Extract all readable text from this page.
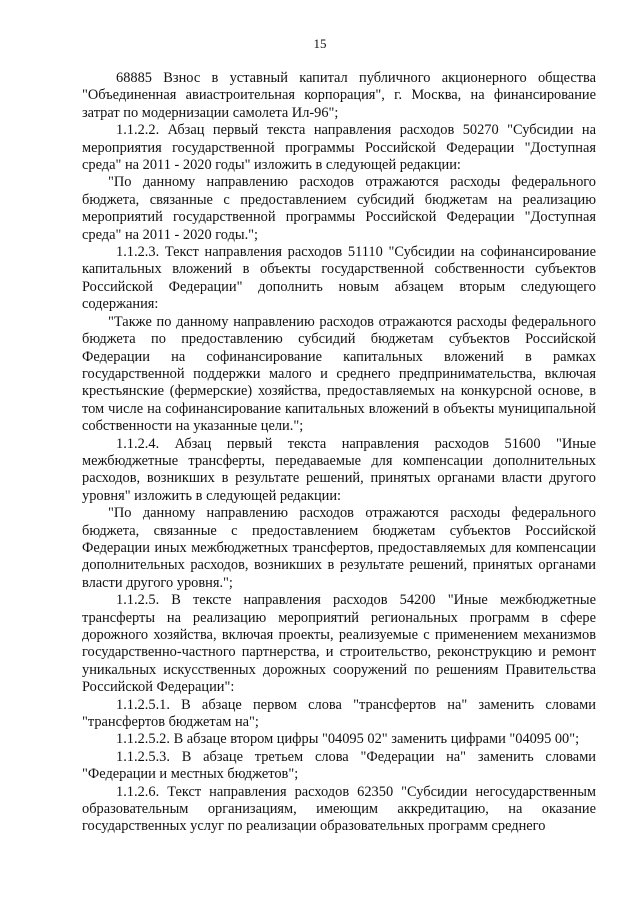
15

68885 Взнос в уставный капитал публичного акционерного общества "Объединенная авиастроительная корпорация", г. Москва, на финансирование затрат по модернизации самолета Ил-96";

1.1.2.2. Абзац первый текста направления расходов 50270 "Субсидии на мероприятия государственной программы Российской Федерации "Доступная среда" на 2011 - 2020 годы" изложить в следующей редакции:

"По данному направлению расходов отражаются расходы федерального бюджета, связанные с предоставлением субсидий бюджетам на реализацию мероприятий государственной программы Российской Федерации "Доступная среда" на 2011 - 2020 годы.";

1.1.2.3. Текст направления расходов 51110 "Субсидии на софинансирование капитальных вложений в объекты государственной собственности субъектов Российской Федерации" дополнить новым абзацем вторым следующего содержания:

"Также по данному направлению расходов отражаются расходы федерального бюджета по предоставлению субсидий бюджетам субъектов Российской Федерации на софинансирование капитальных вложений в рамках государственной поддержки малого и среднего предпринимательства, включая крестьянские (фермерские) хозяйства, предоставляемых на конкурсной основе, в том числе на софинансирование капитальных вложений в объекты муниципальной собственности на указанные цели.";

1.1.2.4. Абзац первый текста направления расходов 51600 "Иные межбюджетные трансферты, передаваемые для компенсации дополнительных расходов, возникших в результате решений, принятых органами власти другого уровня" изложить в следующей редакции:

"По данному направлению расходов отражаются расходы федерального бюджета, связанные с предоставлением бюджетам субъектов Российской Федерации иных межбюджетных трансфертов, предоставляемых для компенсации дополнительных расходов, возникших в результате решений, принятых органами власти другого уровня.";

1.1.2.5. В тексте направления расходов 54200 "Иные межбюджетные трансферты на реализацию мероприятий региональных программ в сфере дорожного хозяйства, включая проекты, реализуемые с применением механизмов государственно-частного партнерства, и строительство, реконструкцию и ремонт уникальных искусственных дорожных сооружений по решениям Правительства Российской Федерации":

1.1.2.5.1. В абзаце первом слова "трансфертов на" заменить словами "трансфертов бюджетам на";

1.1.2.5.2. В абзаце втором цифры "04095 02" заменить цифрами "04095 00";

1.1.2.5.3. В абзаце третьем слова "Федерации на" заменить словами "Федерации и местных бюджетов";

1.1.2.6. Текст направления расходов 62350 "Субсидии негосударственным образовательным организациям, имеющим аккредитацию, на оказание государственных услуг по реализации образовательных программ среднего
